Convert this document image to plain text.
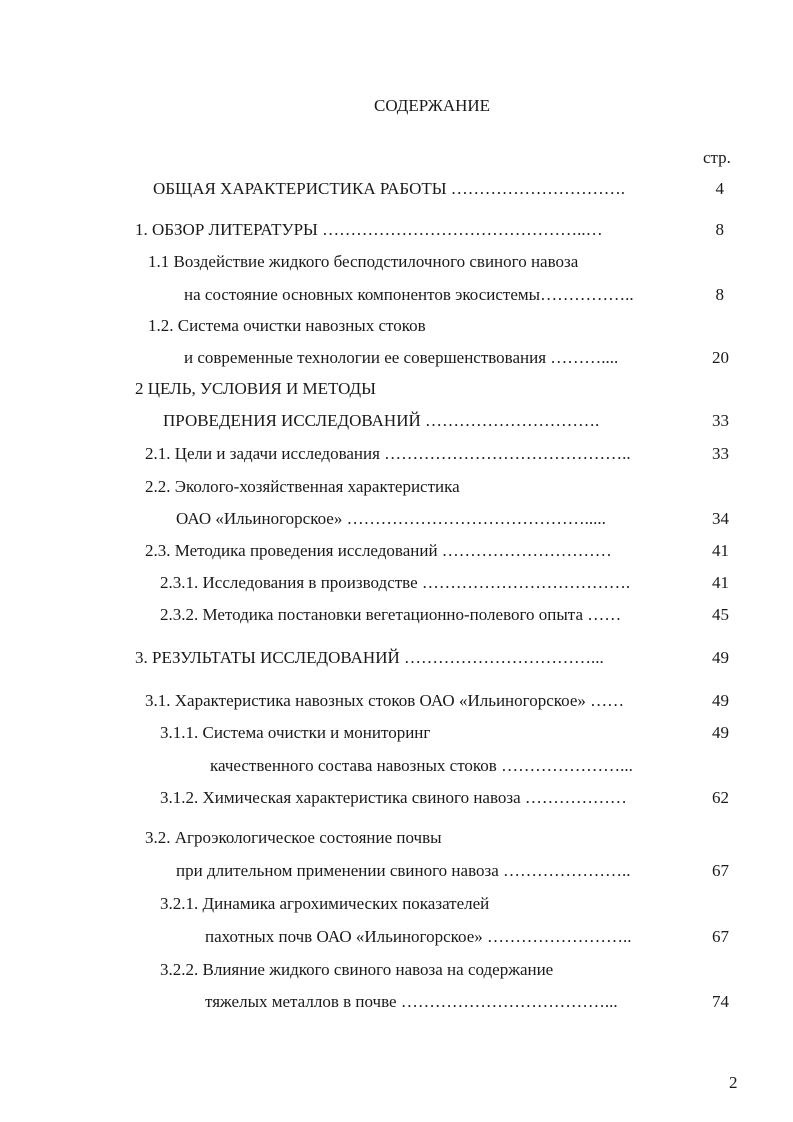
СОДЕРЖАНИЕ
стр.
ОБЩАЯ ХАРАКТЕРИСТИКА РАБОТЫ ………………………….	4
1. ОБЗОР ЛИТЕРАТУРЫ ………………………………………..…	8
1.1 Воздействие жидкого бесподстилочного свиного навоза
на состояние основных компонентов экосистемы……………..	8
1.2. Система очистки навозных стоков
и современные технологии ее совершенствования ………....	20
2 ЦЕЛЬ, УСЛОВИЯ И МЕТОДЫ
ПРОВЕДЕНИЯ ИССЛЕДОВАНИЙ ………………………….	33
2.1. Цели и задачи исследования ……………………………………..	33
2.2. Эколого-хозяйственная характеристика
ОАО «Ильиногорское» …………………………………….....	34
2.3. Методика проведения исследований …………………………	41
2.3.1. Исследования в производстве ……………………………….	41
2.3.2. Методика постановки вегетационно-полевого опыта ……	45
3. РЕЗУЛЬТАТЫ ИССЛЕДОВАНИЙ ……………………………...	49
3.1. Характеристика навозных стоков ОАО «Ильиногорское» ……	49
3.1.1. Система очистки и мониторинг	49
качественного состава навозных стоков …………………...
3.1.2. Химическая характеристика свиного навоза ………………	62
3.2. Агроэкологическое состояние почвы
при длительном применении свиного навоза …………………..	67
3.2.1. Динамика агрохимических показателей
пахотных почв ОАО «Ильиногорское» ……………………..	67
3.2.2. Влияние жидкого свиного навоза на содержание
тяжелых металлов в почве ………………………………...	74
2
